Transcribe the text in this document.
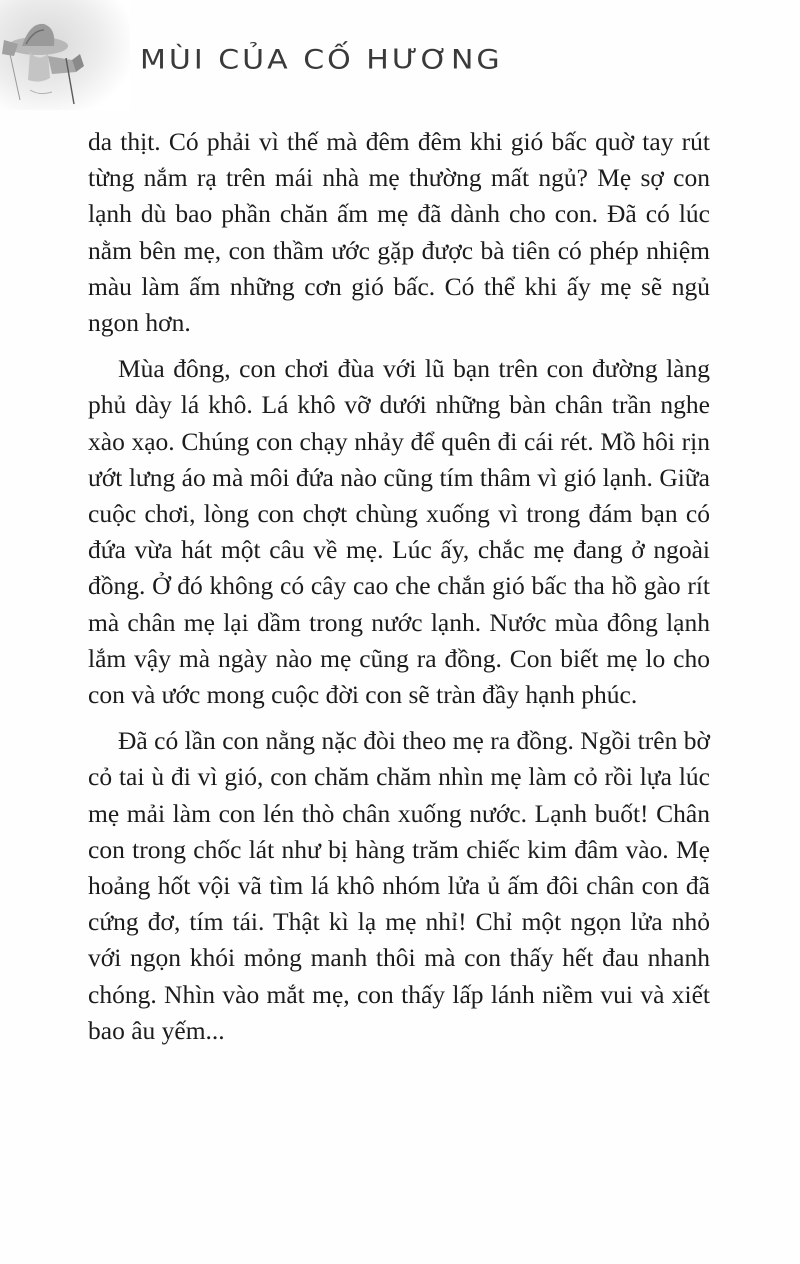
MÙI CỦA CỐ HƯƠNG

da thịt. Có phải vì thế mà đêm đêm khi gió bấc quờ tay rút từng nắm rạ trên mái nhà mẹ thường mất ngủ? Mẹ sợ con lạnh dù bao phần chăn ấm mẹ đã dành cho con. Đã có lúc nằm bên mẹ, con thầm ước gặp được bà tiên có phép nhiệm màu làm ấm những cơn gió bấc. Có thể khi ấy mẹ sẽ ngủ ngon hơn.

Mùa đông, con chơi đùa với lũ bạn trên con đường làng phủ dày lá khô. Lá khô vỡ dưới những bàn chân trần nghe xào xạo. Chúng con chạy nhảy để quên đi cái rét. Mồ hôi rịn ướt lưng áo mà môi đứa nào cũng tím thâm vì gió lạnh. Giữa cuộc chơi, lòng con chợt chùng xuống vì trong đám bạn có đứa vừa hát một câu về mẹ. Lúc ấy, chắc mẹ đang ở ngoài đồng. Ở đó không có cây cao che chắn gió bấc tha hồ gào rít mà chân mẹ lại dầm trong nước lạnh. Nước mùa đông lạnh lắm vậy mà ngày nào mẹ cũng ra đồng. Con biết mẹ lo cho con và ước mong cuộc đời con sẽ tràn đầy hạnh phúc.

Đã có lần con nằng nặc đòi theo mẹ ra đồng. Ngồi trên bờ cỏ tai ù đi vì gió, con chăm chăm nhìn mẹ làm cỏ rồi lựa lúc mẹ mải làm con lén thò chân xuống nước. Lạnh buốt! Chân con trong chốc lát như bị hàng trăm chiếc kim đâm vào. Mẹ hoảng hốt vội vã tìm lá khô nhóm lửa ủ ấm đôi chân con đã cứng đơ, tím tái. Thật kì lạ mẹ nhỉ! Chỉ một ngọn lửa nhỏ với ngọn khói mỏng manh thôi mà con thấy hết đau nhanh chóng. Nhìn vào mắt mẹ, con thấy lấp lánh niềm vui và xiết bao âu yếm...
